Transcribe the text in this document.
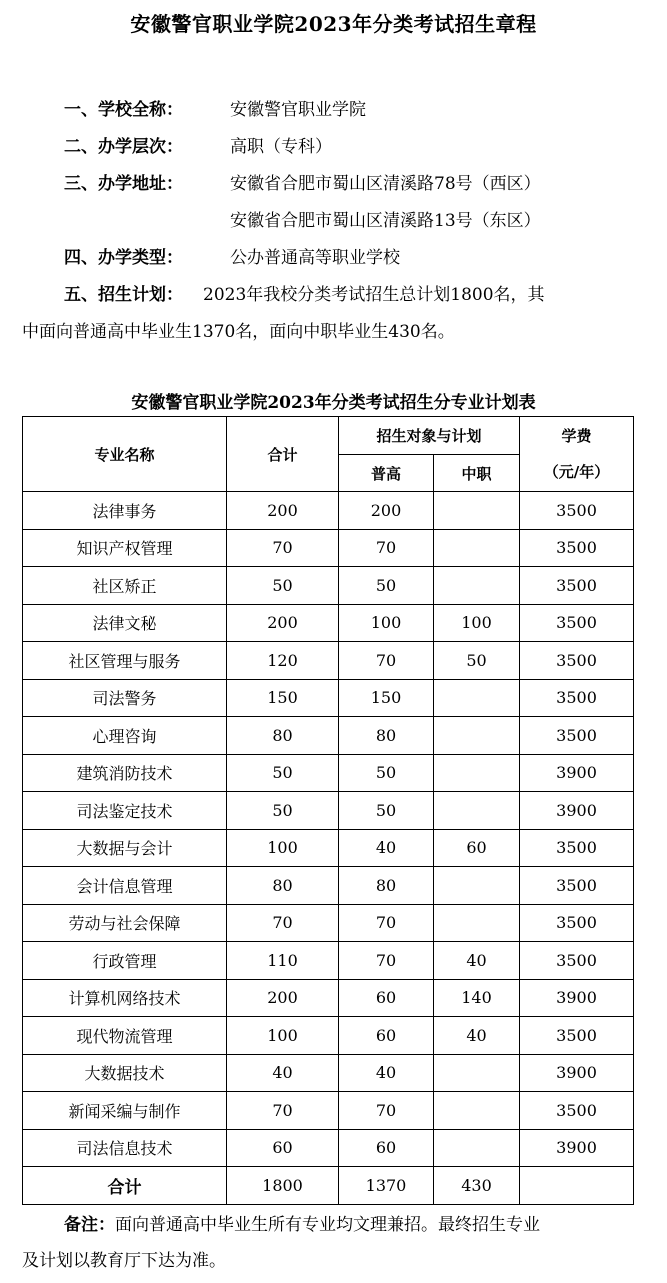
安徽警官职业学院2023年分类考试招生章程
一、学校全称：	安徽警官职业学院
二、办学层次：	高职（专科）
三、办学地址：	安徽省合肥市蜀山区清溪路78号（西区）
安徽省合肥市蜀山区清溪路13号（东区）
四、办学类型：	公办普通高等职业学校
五、招生计划： 2023年我校分类考试招生总计划1800名，其
中面向普通高中毕业生1370名，面向中职毕业生430名。
安徽警官职业学院2023年分类考试招生分专业计划表
专业名称	合计	招生对象与计划		学费
（元/年）

		普高	中职	
法律事务	200	200		3500
知识产权管理	70	70		3500
社区矫正	50	50		3500
法律文秘	200	100	100	3500
社区管理与服务	120	70	50	3500
司法警务	150	150		3500
心理咨询	80	80		3500
建筑消防技术	50	50		3900
司法鉴定技术	50	50		3900
大数据与会计	100	40	60	3500
会计信息管理	80	80		3500
劳动与社会保障	70	70		3500
行政管理	110	70	40	3500
计算机网络技术	200	60	140	3900
现代物流管理	100	60	40	3500
大数据技术	40	40		3900
新闻采编与制作	70	70		3500
司法信息技术	60	60		3900
合计	1800	1370	430	
备注：面向普通高中毕业生所有专业均文理兼招。最终招生专业
及计划以教育厅下达为准。
